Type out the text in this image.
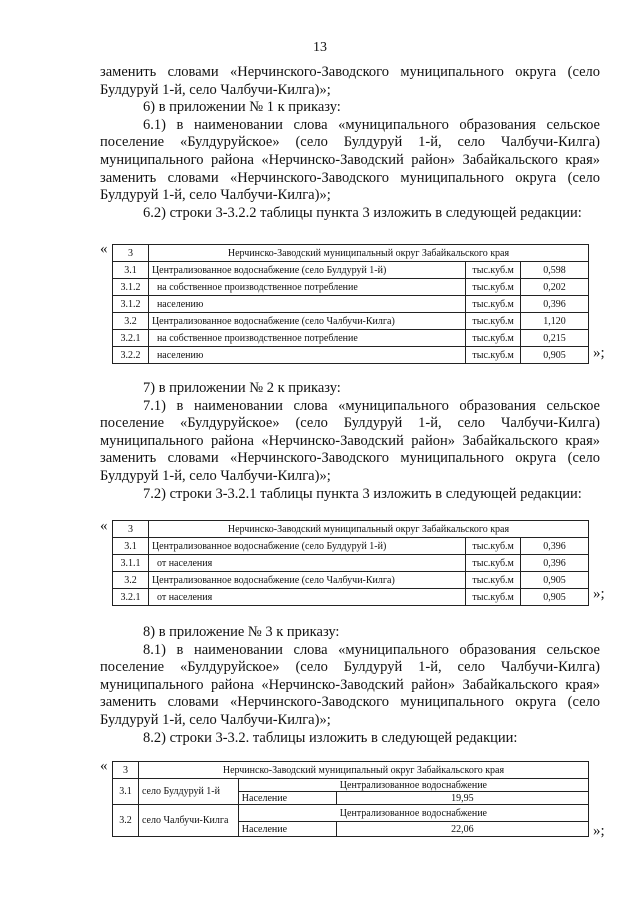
13

заменить словами «Нерчинского-Заводского муниципального округа (село Булдуруй 1-й, село Чалбучи-Килга)»;

6) в приложении № 1 к приказу:

6.1) в наименовании слова «муниципального образования сельское поселение «Булдуруйское» (село Булдуруй 1-й, село Чалбучи-Килга) муниципального района «Нерчинско-Заводский район» Забайкальского края» заменить словами «Нерчинского-Заводского муниципального округа (село Булдуруй 1-й, село Чалбучи-Килга)»;

6.2) строки 3-3.2.2 таблицы пункта 3 изложить в следующей редакции:

« 3	Нерчинско-Заводский муниципальный округ Забайкальского края		
3.1	Централизованное водоснабжение (село Булдуруй 1-й)	тыс.куб.м	0,598
3.1.2	на собственное производственное потребление	тыс.куб.м	0,202
3.1.2	населению	тыс.куб.м	0,396
3.2	Централизованное водоснабжение (село Чалбучи-Килга)	тыс.куб.м	1,120
3.2.1	на собственное производственное потребление	тыс.куб.м	0,215
3.2.2	населению	тыс.куб.м	0,905 »;

7) в приложении № 2 к приказу:

7.1) в наименовании слова «муниципального образования сельское поселение «Булдуруйское» (село Булдуруй 1-й, село Чалбучи-Килга) муниципального района «Нерчинско-Заводский район» Забайкальского края» заменить словами «Нерчинского-Заводского муниципального округа (село Булдуруй 1-й, село Чалбучи-Килга)»;

7.2) строки 3-3.2.1 таблицы пункта 3 изложить в следующей редакции:

« 3	Нерчинско-Заводский муниципальный округ Забайкальского края		
3.1	Централизованное водоснабжение (село Булдуруй 1-й)	тыс.куб.м	0,396
3.1.1	от населения	тыс.куб.м	0,396
3.2	Централизованное водоснабжение (село Чалбучи-Килга)	тыс.куб.м	0,905
3.2.1	от населения	тыс.куб.м	0,905 »;

8) в приложение № 3 к приказу:

8.1) в наименовании слова «муниципального образования сельское поселение «Булдуруйское» (село Булдуруй 1-й, село Чалбучи-Килга) муниципального района «Нерчинско-Заводский район» Забайкальского края» заменить словами «Нерчинского-Заводского муниципального округа (село Булдуруй 1-й, село Чалбучи-Килга)»;

8.2) строки 3-3.2. таблицы изложить в следующей редакции:

« 3	Нерчинско-Заводский муниципальный округ Забайкальского края		
3.1	село Булдуруй 1-й	Централизованное водоснабжение	
		Население	19,95
3.2	село Чалбучи-Килга	Централизованное водоснабжение	
		Население	22,06	»;
